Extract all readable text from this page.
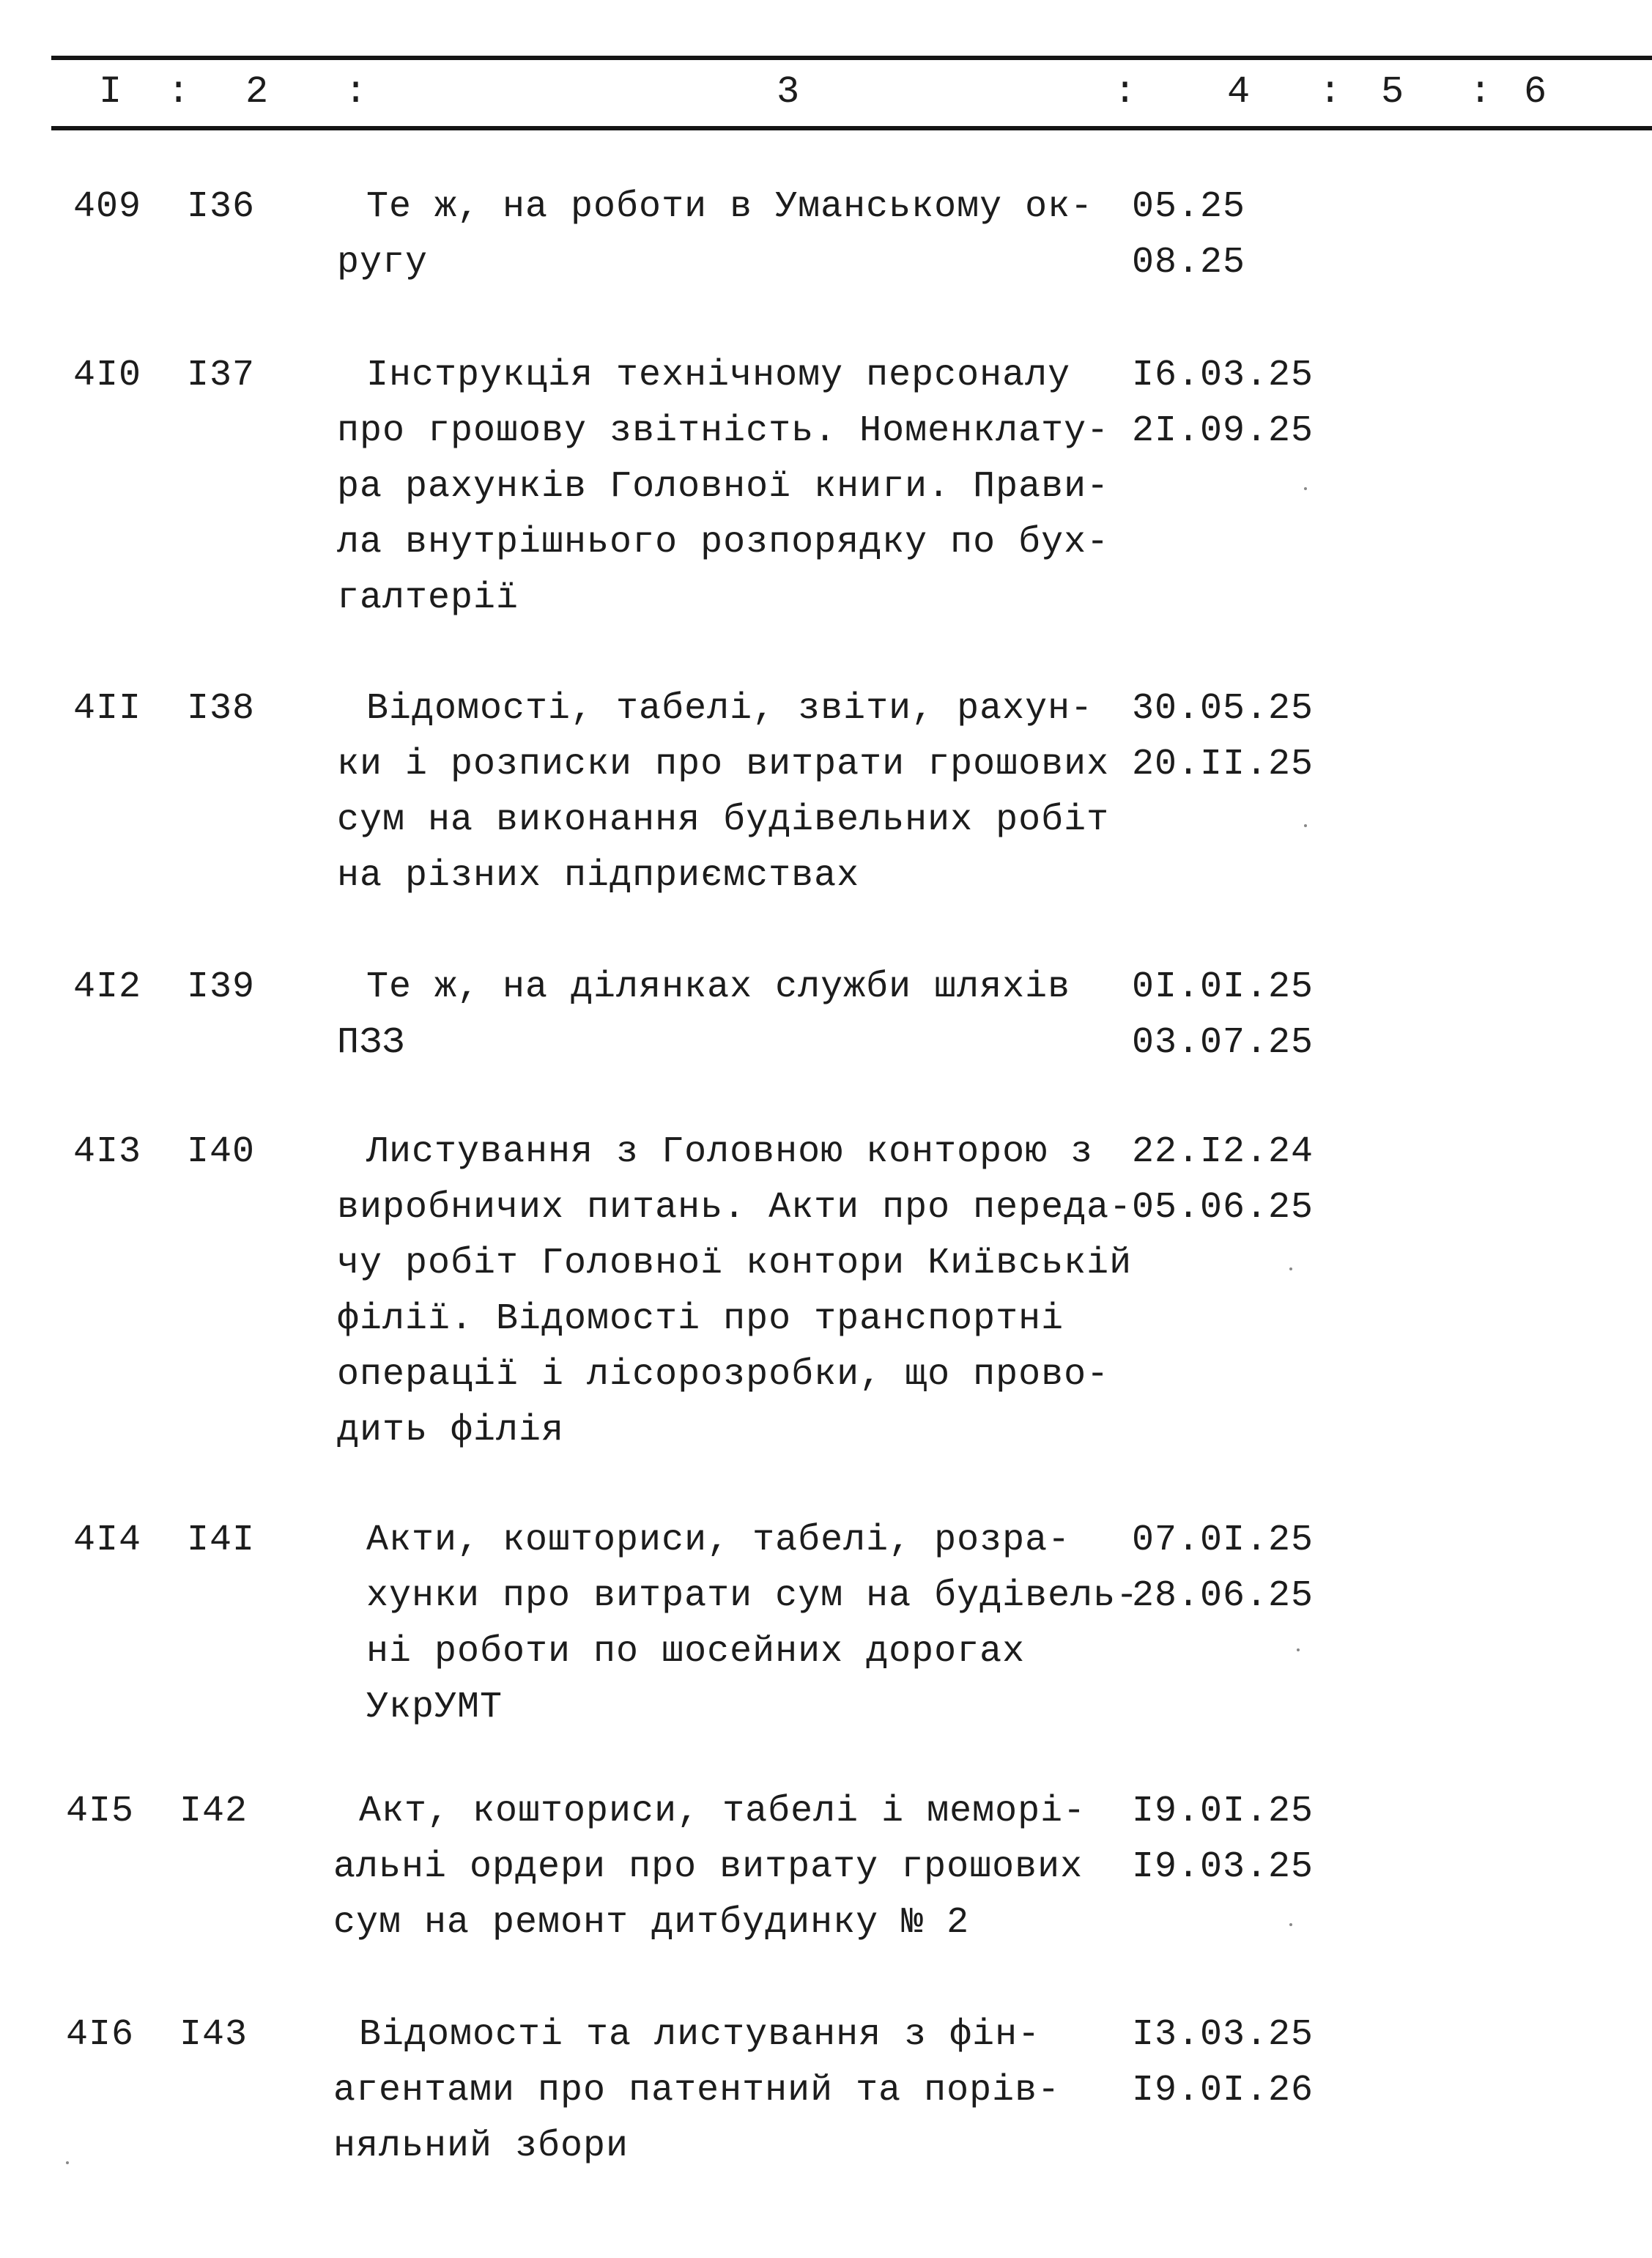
I : 2 :	3	: 4 : 5 : 6
409 I36	Те ж, на роботи в Уманському ок-
ругу
05.25
08.25
4I0 I37	Інструкція технічному персоналу
про грошову звітність. Номенклату-
ра рахунків Головної книги. Прави-
ла внутрішнього розпорядку по бух-
галтерії
I6.03.25
2I.09.25
4II I38	Відомості, табелі, звіти, рахун-
ки і розписки про витрати грошових
сум на виконання будівельних робіт
на різних підприємствах
30.05.25
20.II.25
4I2 I39	Те ж, на ділянках служби шляхів
ПЗЗ
0I.0I.25
03.07.25
4I3 I40	Листування з Головною конторою з
виробничих питань. Акти про переда-
чу робіт Головної контори Київській
філії. Відомості про транспортні
операції і лісорозробки, що прово-
дить філія
22.I2.24
05.06.25
4I4 I4I	Акти, кошториси, табелі, розра-
хунки про витрати сум на будівель-
ні роботи по шосейних дорогах
УкрУМТ
07.0I.25
28.06.25
4I5 I42	Акт, кошториси, табелі і меморі-
альні ордери про витрату грошових
сум на ремонт дитбудинку № 2
I9.0I.25
I9.03.25
4I6 I43	Відомості та листування з фін-
агентами про патентний та порів-
няльний збори
I3.03.25
I9.0I.26
